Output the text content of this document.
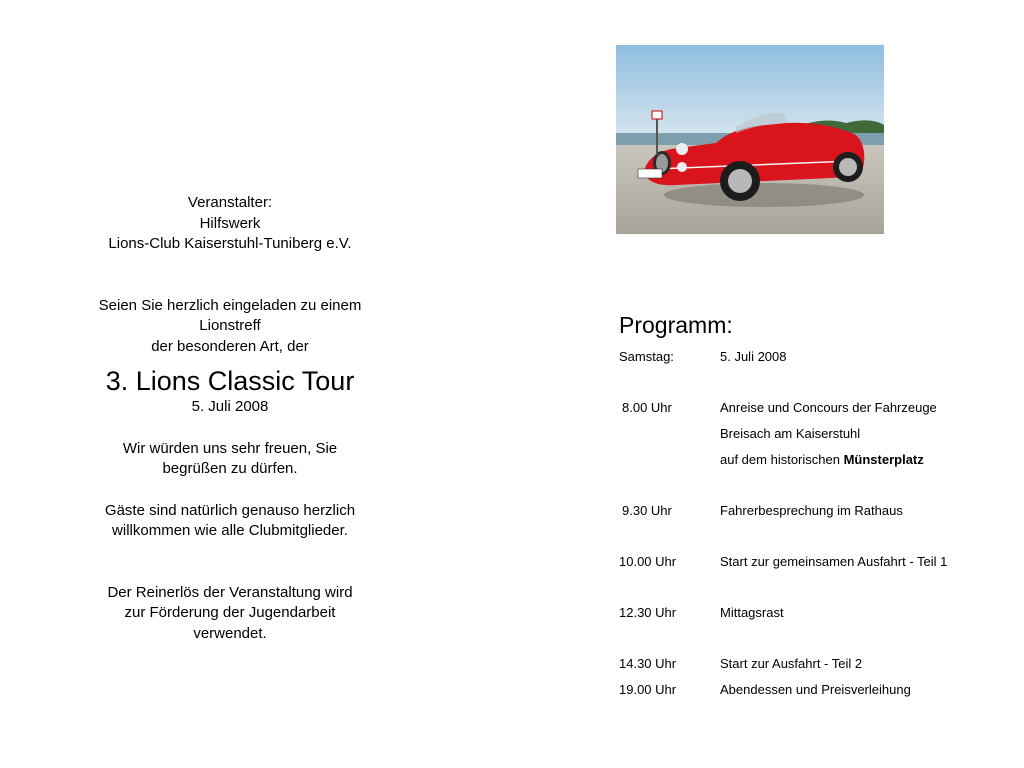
Veranstalter:

Hilfswerk

Lions-Club Kaiserstuhl-Tuniberg e.V.

Seien Sie herzlich eingeladen zu einem

Lionstreff

der besonderen Art, der

3. Lions Classic Tour

5. Juli 2008

Wir würden uns sehr freuen, Sie

begrüßen zu dürfen.

Gäste sind natürlich genauso herzlich

willkommen wie alle Clubmitglieder.

Der Reinerlös der Veranstaltung wird

zur Förderung der Jugendarbeit

verwendet.

Programm:
Samstag:	5. Juli 2008
8.00 Uhr	Anreise und Concours der Fahrzeuge
Breisach am Kaiserstuhl
auf dem historischen Münsterplatz
9.30 Uhr	Fahrerbesprechung im Rathaus
10.00 Uhr	Start zur gemeinsamen Ausfahrt - Teil 1
12.30 Uhr	Mittagsrast
14.30 Uhr	Start zur Ausfahrt - Teil 2
19.00 Uhr	Abendessen und Preisverleihung
